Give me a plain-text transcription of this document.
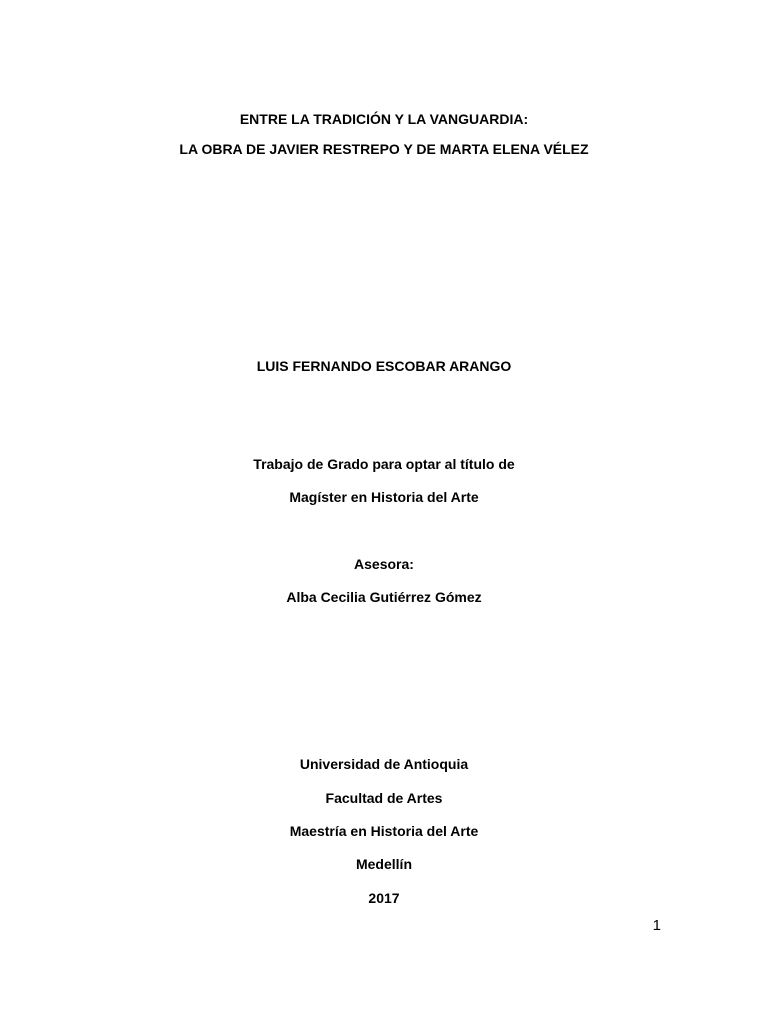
ENTRE LA TRADICIÓN Y LA VANGUARDIA:
LA OBRA DE JAVIER RESTREPO Y DE MARTA ELENA VÉLEZ
LUIS FERNANDO ESCOBAR ARANGO
Trabajo de Grado para optar al título de
Magíster en Historia del Arte
Asesora:
Alba Cecilia Gutiérrez Gómez
Universidad de Antioquia
Facultad de Artes
Maestría en Historia del Arte
Medellín
2017
1
